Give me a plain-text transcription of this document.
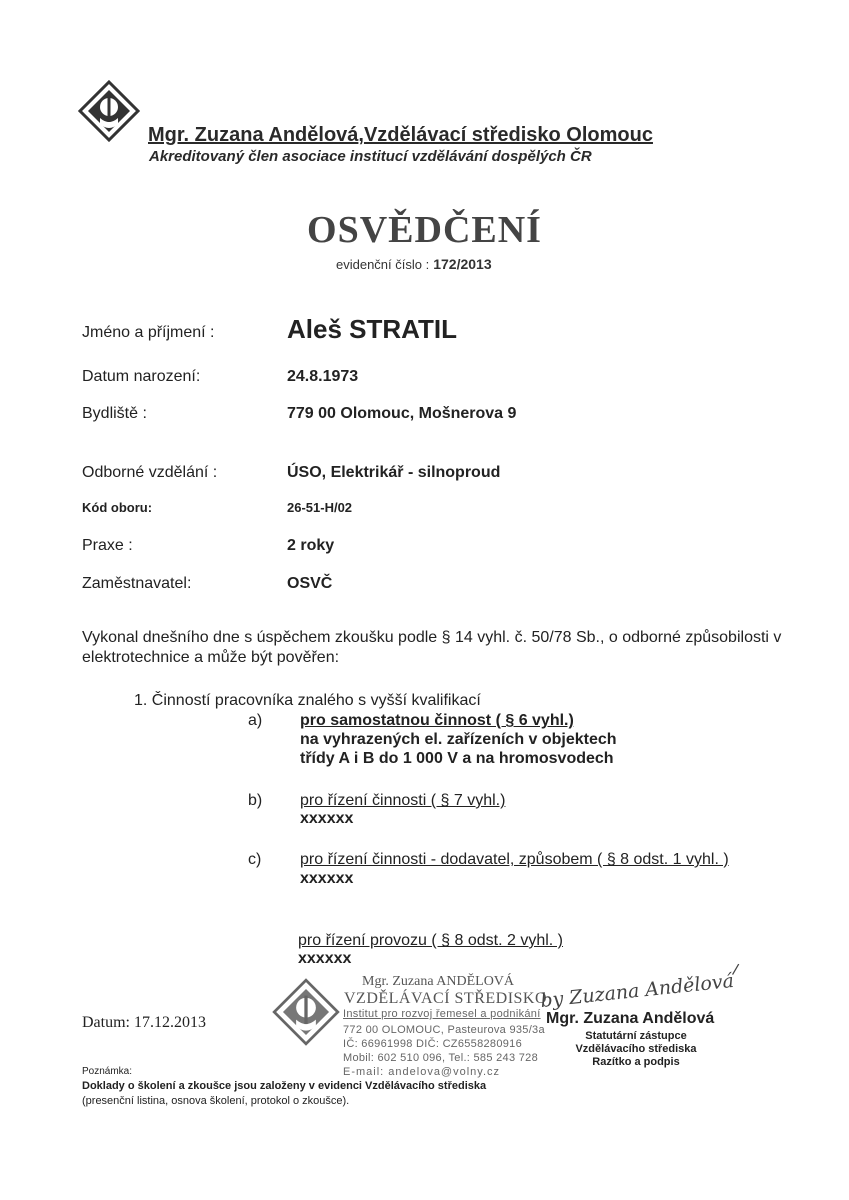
Mgr. Zuzana Andělová,Vzdělávací středisko Olomouc
Akreditovaný člen asociace institucí vzdělávání dospělých ČR
OSVĚDČENÍ
evidenční číslo : 172/2013
Jméno a příjmení :	Aleš STRATIL
Datum narození:	24.8.1973
Bydliště :	779 00 Olomouc, Mošnerova 9
Odborné vzdělání :	ÚSO, Elektrikář - silnoproud
Kód oboru:	26-51-H/02
Praxe :	2 roky
Zaměstnavatel:	OSVČ
Vykonal dnešního dne s úspěchem zkoušku podle § 14 vyhl. č. 50/78 Sb., o odborné způsobilosti v elektrotechnice a může být pověřen:
1. Činností pracovníka znalého s vyšší kvalifikací
a) pro samostatnou činnost ( § 6 vyhl.)
na vyhrazených el. zařízeních v objektech
třídy A i B do 1 000 V a na hromosvodech
b) pro řízení činnosti ( § 7 vyhl.)
xxxxxx
c) pro řízení činnosti - dodavatel, způsobem ( § 8 odst. 1 vyhl. )
xxxxxx
pro řízení provozu ( § 8 odst. 2 vyhl. )
xxxxxx
Mgr. Zuzana ANDĚLOVÁ
VZDĚLÁVACÍ STŘEDISKO
Institut pro rozvoj řemesel a podnikání
772 00 OLOMOUC, Pasteurova 935/3a
IČ: 66961998 DIČ: CZ6558280916
Mobil: 602 510 096, Tel.: 585 243 728
E-mail: andelova@volny.cz
by Zuzana Andělová
/
Mgr. Zuzana Andělová
Statutární zástupce
Vzdělávacího střediska
Razítko a podpis
Datum: 17.12.2013
Poznámka:
Doklady o školení a zkoušce jsou založeny v evidenci Vzdělávacího střediska
(presenční listina, osnova školení, protokol o zkoušce).
